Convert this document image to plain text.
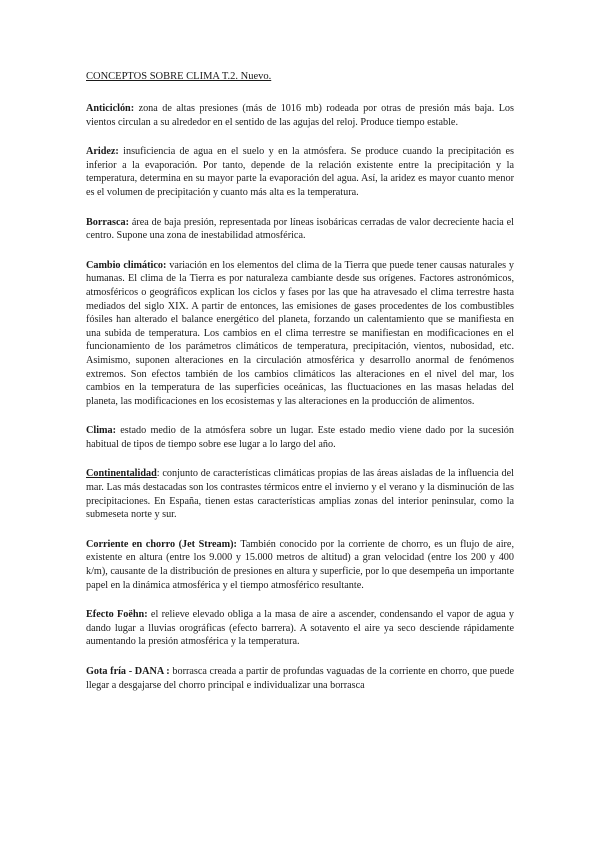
CONCEPTOS SOBRE CLIMA T.2. Nuevo.

Anticiclón: zona de altas presiones (más de 1016 mb) rodeada por otras de presión más baja. Los vientos circulan a su alrededor en el sentido de las agujas del reloj. Produce tiempo estable.

Aridez: insuficiencia de agua en el suelo y en la atmósfera. Se produce cuando la precipitación es inferior a la evaporación. Por tanto, depende de la relación existente entre la precipitación y la temperatura, determina en su mayor parte la evaporación del agua. Así, la aridez es mayor cuanto menor es el volumen de precipitación y cuanto más alta es la temperatura.

Borrasca: área de baja presión, representada por líneas isobáricas cerradas de valor decreciente hacia el centro. Supone una zona de inestabilidad atmosférica.

Cambio climático: variación en los elementos del clima de la Tierra que puede tener causas naturales y humanas. El clima de la Tierra es por naturaleza cambiante desde sus orígenes. Factores astronómicos, atmosféricos o geográficos explican los ciclos y fases por las que ha atravesado el clima terrestre hasta mediados del siglo XIX. A partir de entonces, las emisiones de gases procedentes de los combustibles fósiles han alterado el balance energético del planeta, forzando un calentamiento que se manifiesta en una subida de temperatura. Los cambios en el clima terrestre se manifiestan en modificaciones en el funcionamiento de los parámetros climáticos de temperatura, precipitación, vientos, nubosidad, etc. Asimismo, suponen alteraciones en la circulación atmosférica y desarrollo anormal de fenómenos extremos. Son efectos también de los cambios climáticos las alteraciones en el nivel del mar, los cambios en la temperatura de las superficies oceánicas, las fluctuaciones en las masas heladas del planeta, las modificaciones en los ecosistemas y las alteraciones en la producción de alimentos.

Clima: estado medio de la atmósfera sobre un lugar. Este estado medio viene dado por la sucesión habitual de tipos de tiempo sobre ese lugar a lo largo del año.

Continentalidad: conjunto de características climáticas propias de las áreas aisladas de la influencia del mar. Las más destacadas son los contrastes térmicos entre el invierno y el verano y la disminución de las precipitaciones. En España, tienen estas características amplias zonas del interior peninsular, como la submeseta norte y sur.

Corriente en chorro (Jet Stream): También conocido por la corriente de chorro, es un flujo de aire, existente en altura (entre los 9.000 y 15.000 metros de altitud) a gran velocidad (entre los 200 y 400 k/m), causante de la distribución de presiones en altura y superficie, por lo que desempeña un importante papel en la dinámica atmosférica y el tiempo atmosférico resultante.

Efecto Foëhn: el relieve elevado obliga a la masa de aire a ascender, condensando el vapor de agua y dando lugar a lluvias orográficas (efecto barrera). A sotavento el aire ya seco desciende rápidamente aumentando la presión atmosférica y la temperatura.

Gota fría - DANA : borrasca creada a partir de profundas vaguadas de la corriente en chorro, que puede llegar a desgajarse del chorro principal e individualizar una borrasca
